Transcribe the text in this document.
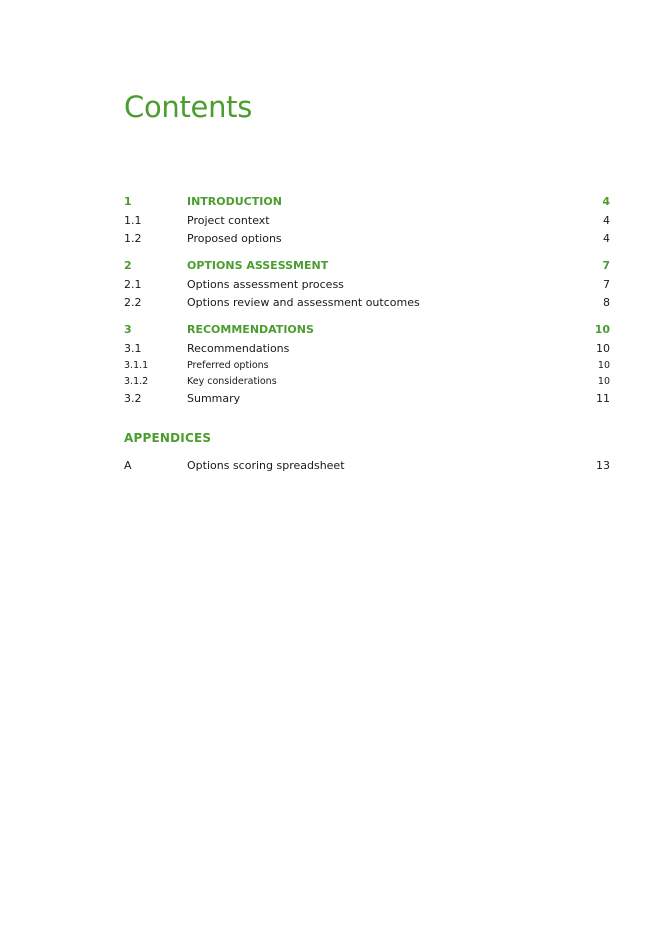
Contents
1	INTRODUCTION	4
1.1	Project context	4
1.2	Proposed options	4
2	OPTIONS ASSESSMENT	7
2.1	Options assessment process	7
2.2	Options review and assessment outcomes	8
3	RECOMMENDATIONS	10
3.1	Recommendations	10
3.1.1	Preferred options	10
3.1.2	Key considerations	10
3.2	Summary	11
APPENDICES
A	Options scoring spreadsheet	13
